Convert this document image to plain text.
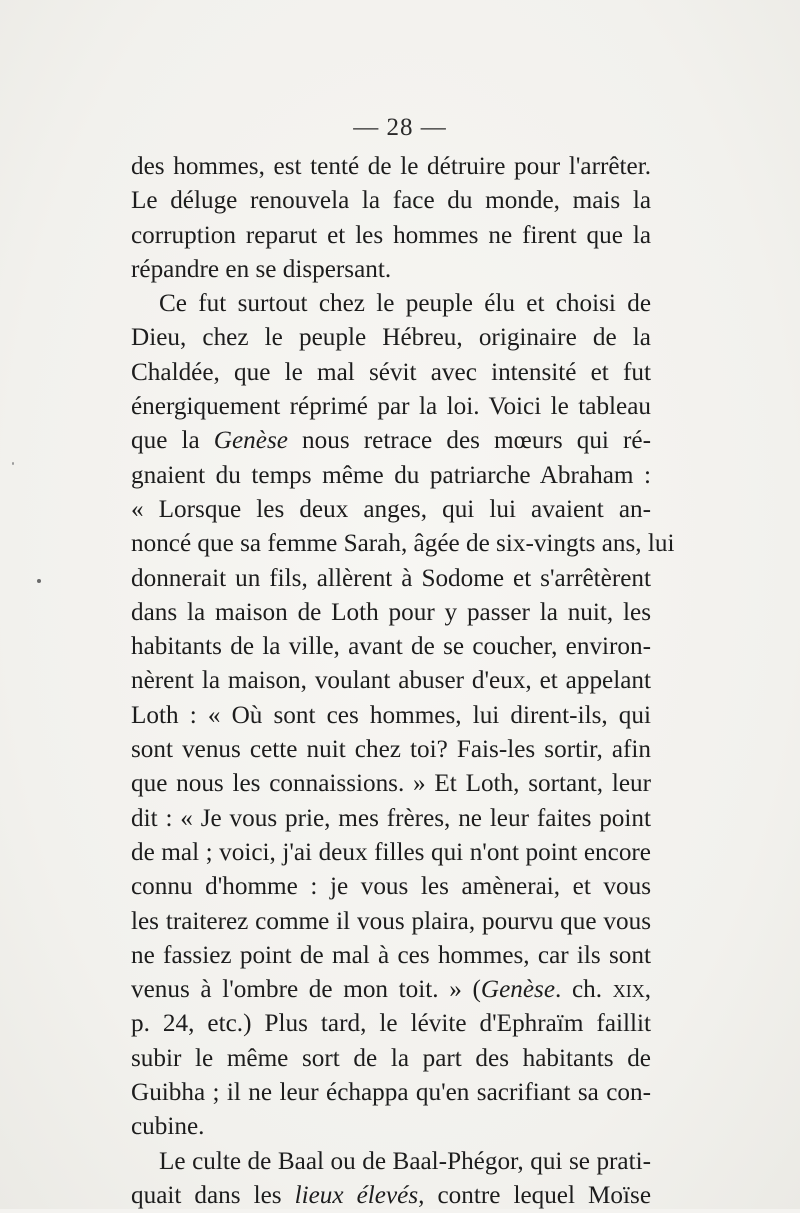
— 28 —
des hommes, est tenté de le détruire pour l'arrêter.
Le déluge renouvela la face du monde, mais la
corruption reparut et les hommes ne firent que la
répandre en se dispersant.
Ce fut surtout chez le peuple élu et choisi de
Dieu, chez le peuple Hébreu, originaire de la
Chaldée, que le mal sévit avec intensité et fut
énergiquement réprimé par la loi. Voici le tableau
que la Genèse nous retrace des mœurs qui ré-
gnaient du temps même du patriarche Abraham :
« Lorsque les deux anges, qui lui avaient an-
noncé que sa femme Sarah, âgée de six-vingts ans, lui
donnerait un fils, allèrent à Sodome et s'arrêtèrent
dans la maison de Loth pour y passer la nuit, les
habitants de la ville, avant de se coucher, environ-
nèrent la maison, voulant abuser d'eux, et appelant
Loth : « Où sont ces hommes, lui dirent-ils, qui
sont venus cette nuit chez toi? Fais-les sortir, afin
que nous les connaissions. » Et Loth, sortant, leur
dit : « Je vous prie, mes frères, ne leur faites point
de mal ; voici, j'ai deux filles qui n'ont point encore
connu d'homme : je vous les amènerai, et vous
les traiterez comme il vous plaira, pourvu que vous
ne fassiez point de mal à ces hommes, car ils sont
venus à l'ombre de mon toit. » (Genèse. ch. xix,
p. 24, etc.) Plus tard, le lévite d'Ephraïm faillit
subir le même sort de la part des habitants de
Guibha ; il ne leur échappa qu'en sacrifiant sa con-
cubine.
Le culte de Baal ou de Baal-Phégor, qui se prati-
quait dans les lieux élevés, contre lequel Moïse
